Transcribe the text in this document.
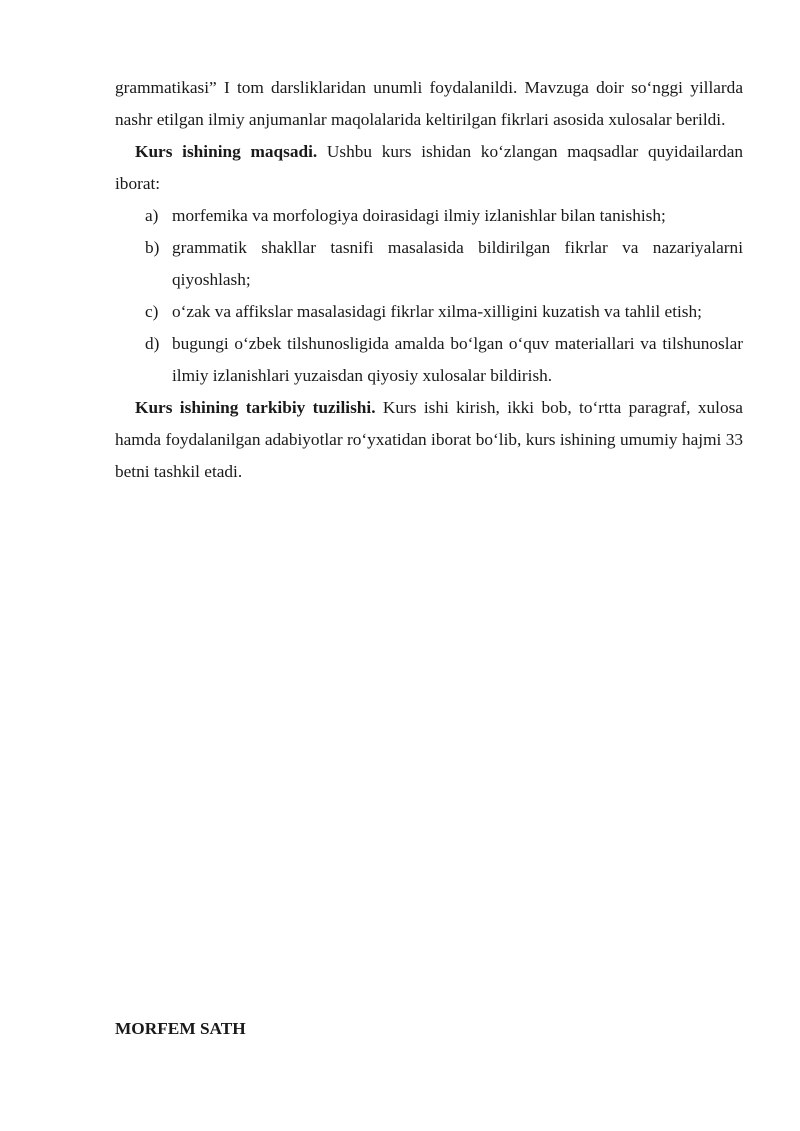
grammatikasi” I tom darsliklaridan unumli foydalanildi. Mavzuga doir so‘nggi yillarda nashr etilgan ilmiy anjumanlar maqolalarida keltirilgan fikrlari asosida xulosalar berildi.

Kurs ishining maqsadi. Ushbu kurs ishidan ko‘zlangan maqsadlar quyidailardan iborat:

a) morfemika va morfologiya doirasidagi ilmiy izlanishlar bilan tanishish;
b) grammatik shakllar tasnifi masalasida bildirilgan fikrlar va nazariyalarni qiyoshlash;
c) o‘zak va affikslar masalasidagi fikrlar xilma-xilligini kuzatish va tahlil etish;
d) bugungi o‘zbek tilshunosligida amalda bo‘lgan o‘quv materiallari va tilshunoslar ilmiy izlanishlari yuzaisdan qiyosiy xulosalar bildirish.

Kurs ishining tarkibiy tuzilishi. Kurs ishi kirish, ikki bob, to‘rtta paragraf, xulosa hamda foydalanilgan adabiyotlar ro‘yxatidan iborat bo‘lib, kurs ishining umumiy hajmi 33 betni tashkil etadi.

MORFEM SATH
